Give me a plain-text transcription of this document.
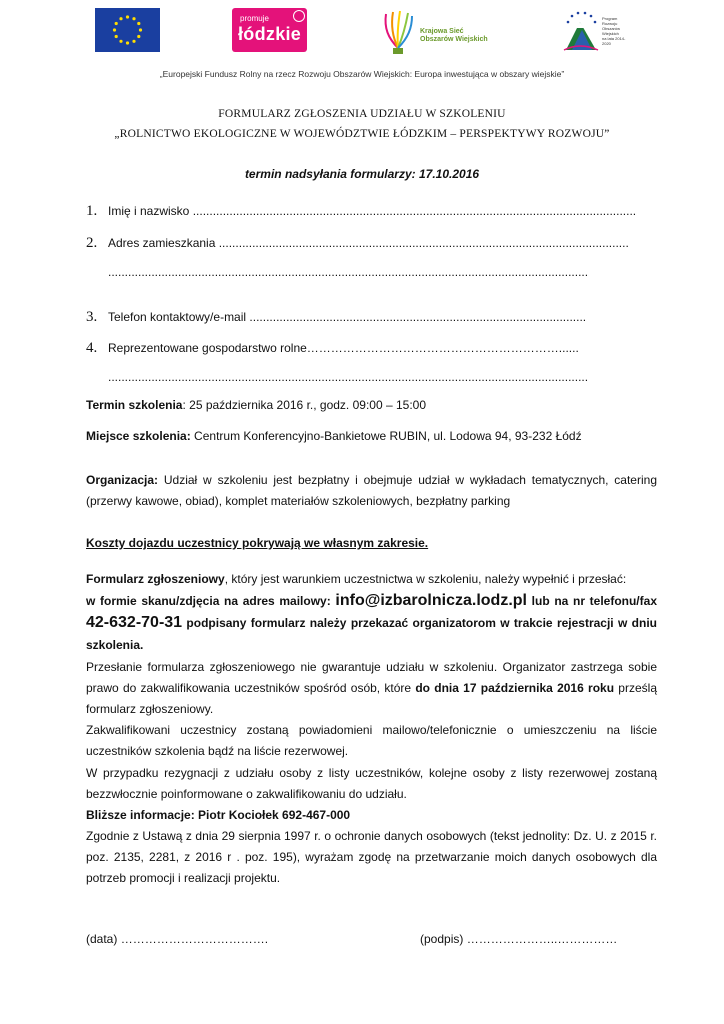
promuje
łódzkie	Krajowa Sieć
Obszarów Wiejskich
Program
Rozwoju
Obszarów
Wiejskich
na lata 2014-2020
„Europejski Fundusz Rolny na rzecz Rozwoju Obszarów Wiejskich: Europa inwestująca w obszary wiejskie”
FORMULARZ ZGŁOSZENIA UDZIAŁU W SZKOLENIU
„ROLNICTWO EKOLOGICZNE W WOJEWÓDZTWIE ŁÓDZKIM – PERSPEKTYWY ROZWOJU”
termin nadsyłania formularzy: 17.10.2016
1. Imię i nazwisko .....................................................................................................................................
2. Adres zamieszkania ...........................................................................................................................
................................................................................................................................................
3. Telefon kontaktowy/e-mail .....................................................................................................
4. Reprezentowane gospodarstwo rolne………………………………………………………......
................................................................................................................................................
Termin szkolenia: 25 października 2016 r., godz. 09:00 – 15:00
Miejsce szkolenia: Centrum Konferencyjno-Bankietowe RUBIN, ul. Lodowa 94, 93-232 Łódź
Organizacja: Udział w szkoleniu jest bezpłatny i obejmuje udział w wykładach tematycznych, catering (przerwy kawowe, obiad), komplet materiałów szkoleniowych, bezpłatny parking
Koszty dojazdu uczestnicy pokrywają we własnym zakresie.
Formularz zgłoszeniowy, który jest warunkiem uczestnictwa w szkoleniu, należy wypełnić i przesłać:
w formie skanu/zdjęcia na adres mailowy: info@izbarolnicza.lodz.pl lub na nr telefonu/fax 42-632-70-31 podpisany formularz należy przekazać organizatorom w trakcie rejestracji w dniu szkolenia.
Przesłanie formularza zgłoszeniowego nie gwarantuje udziału w szkoleniu. Organizator zastrzega sobie prawo do zakwalifikowania uczestników spośród osób, które do dnia 17 października 2016 roku prześlą formularz zgłoszeniowy.
Zakwalifikowani uczestnicy zostaną powiadomieni mailowo/telefonicznie o umieszczeniu na liście uczestników szkolenia bądź na liście rezerwowej.
W przypadku rezygnacji z udziału osoby z listy uczestników, kolejne osoby z listy rezerwowej zostaną bezzwłocznie poinformowane o zakwalifikowaniu do udziału.
Bliższe informacje: Piotr Kociołek 692-467-000
Zgodnie z Ustawą z dnia 29 sierpnia 1997 r. o ochronie danych osobowych (tekst jednolity: Dz. U. z 2015 r. poz. 2135, 2281, z 2016 r . poz. 195), wyrażam zgodę na przetwarzanie moich danych osobowych dla potrzeb promocji i realizacji projektu.
(data) ……………………………….	(podpis) …………………..……………
